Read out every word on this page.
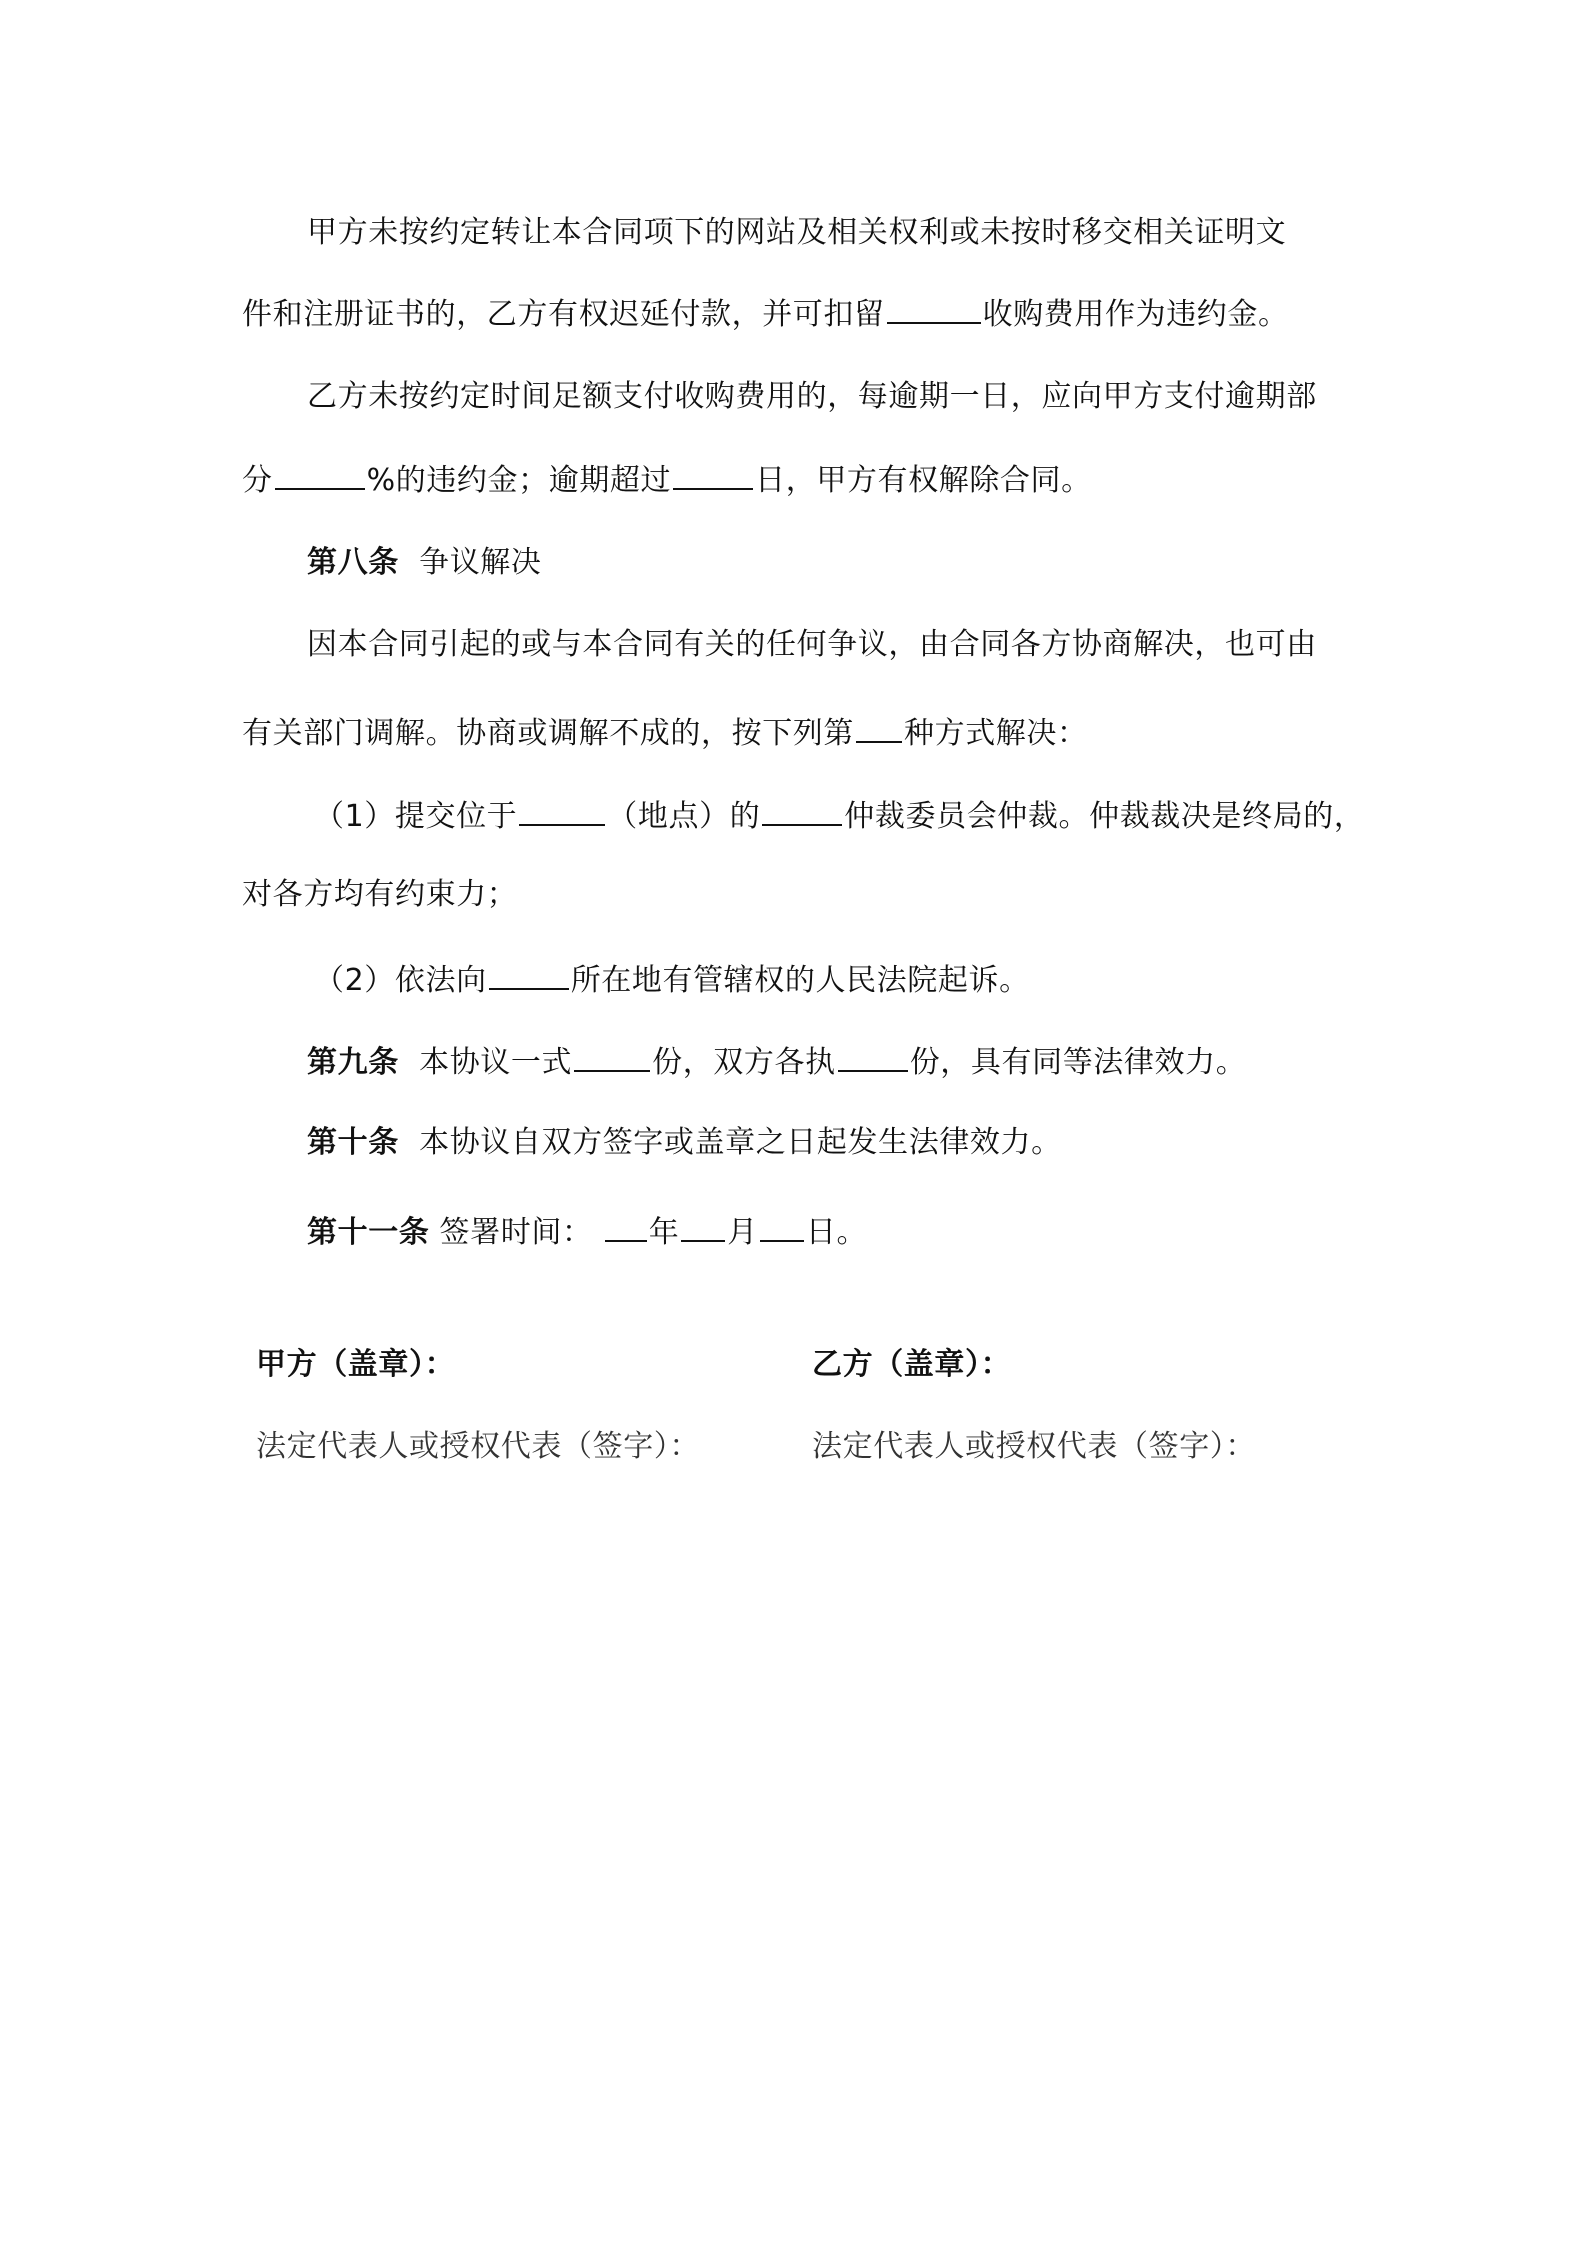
甲方未按约定转让本合同项下的网站及相关权利或未按时移交相关证明文
件和注册证书的，乙方有权迟延付款，并可扣留	收购费用作为违约金。
乙方未按约定时间足额支付收购费用的，每逾期一日，应向甲方支付逾期部
分	%的违约金；逾期超过	日，甲方有权解除合同。
第八条 争议解决
因本合同引起的或与本合同有关的任何争议，由合同各方协商解决，也可由
有关部门调解。协商或调解不成的，按下列第 种方式解决：
（1）提交位于	（地点）的	仲裁委员会仲裁。仲裁裁决是终局的，
对各方均有约束力；
（2）依法向	所在地有管辖权的人民法院起诉。
第九条 本协议一式	份，双方各执 份，具有同等法律效力。
第十条 本协议自双方签字或盖章之日起发生法律效力。
第十一条 签署时间： 年 月 日。
甲方（盖章）：	乙方（盖章）：
法定代表人或授权代表（签字）：	法定代表人或授权代表（签字）：
